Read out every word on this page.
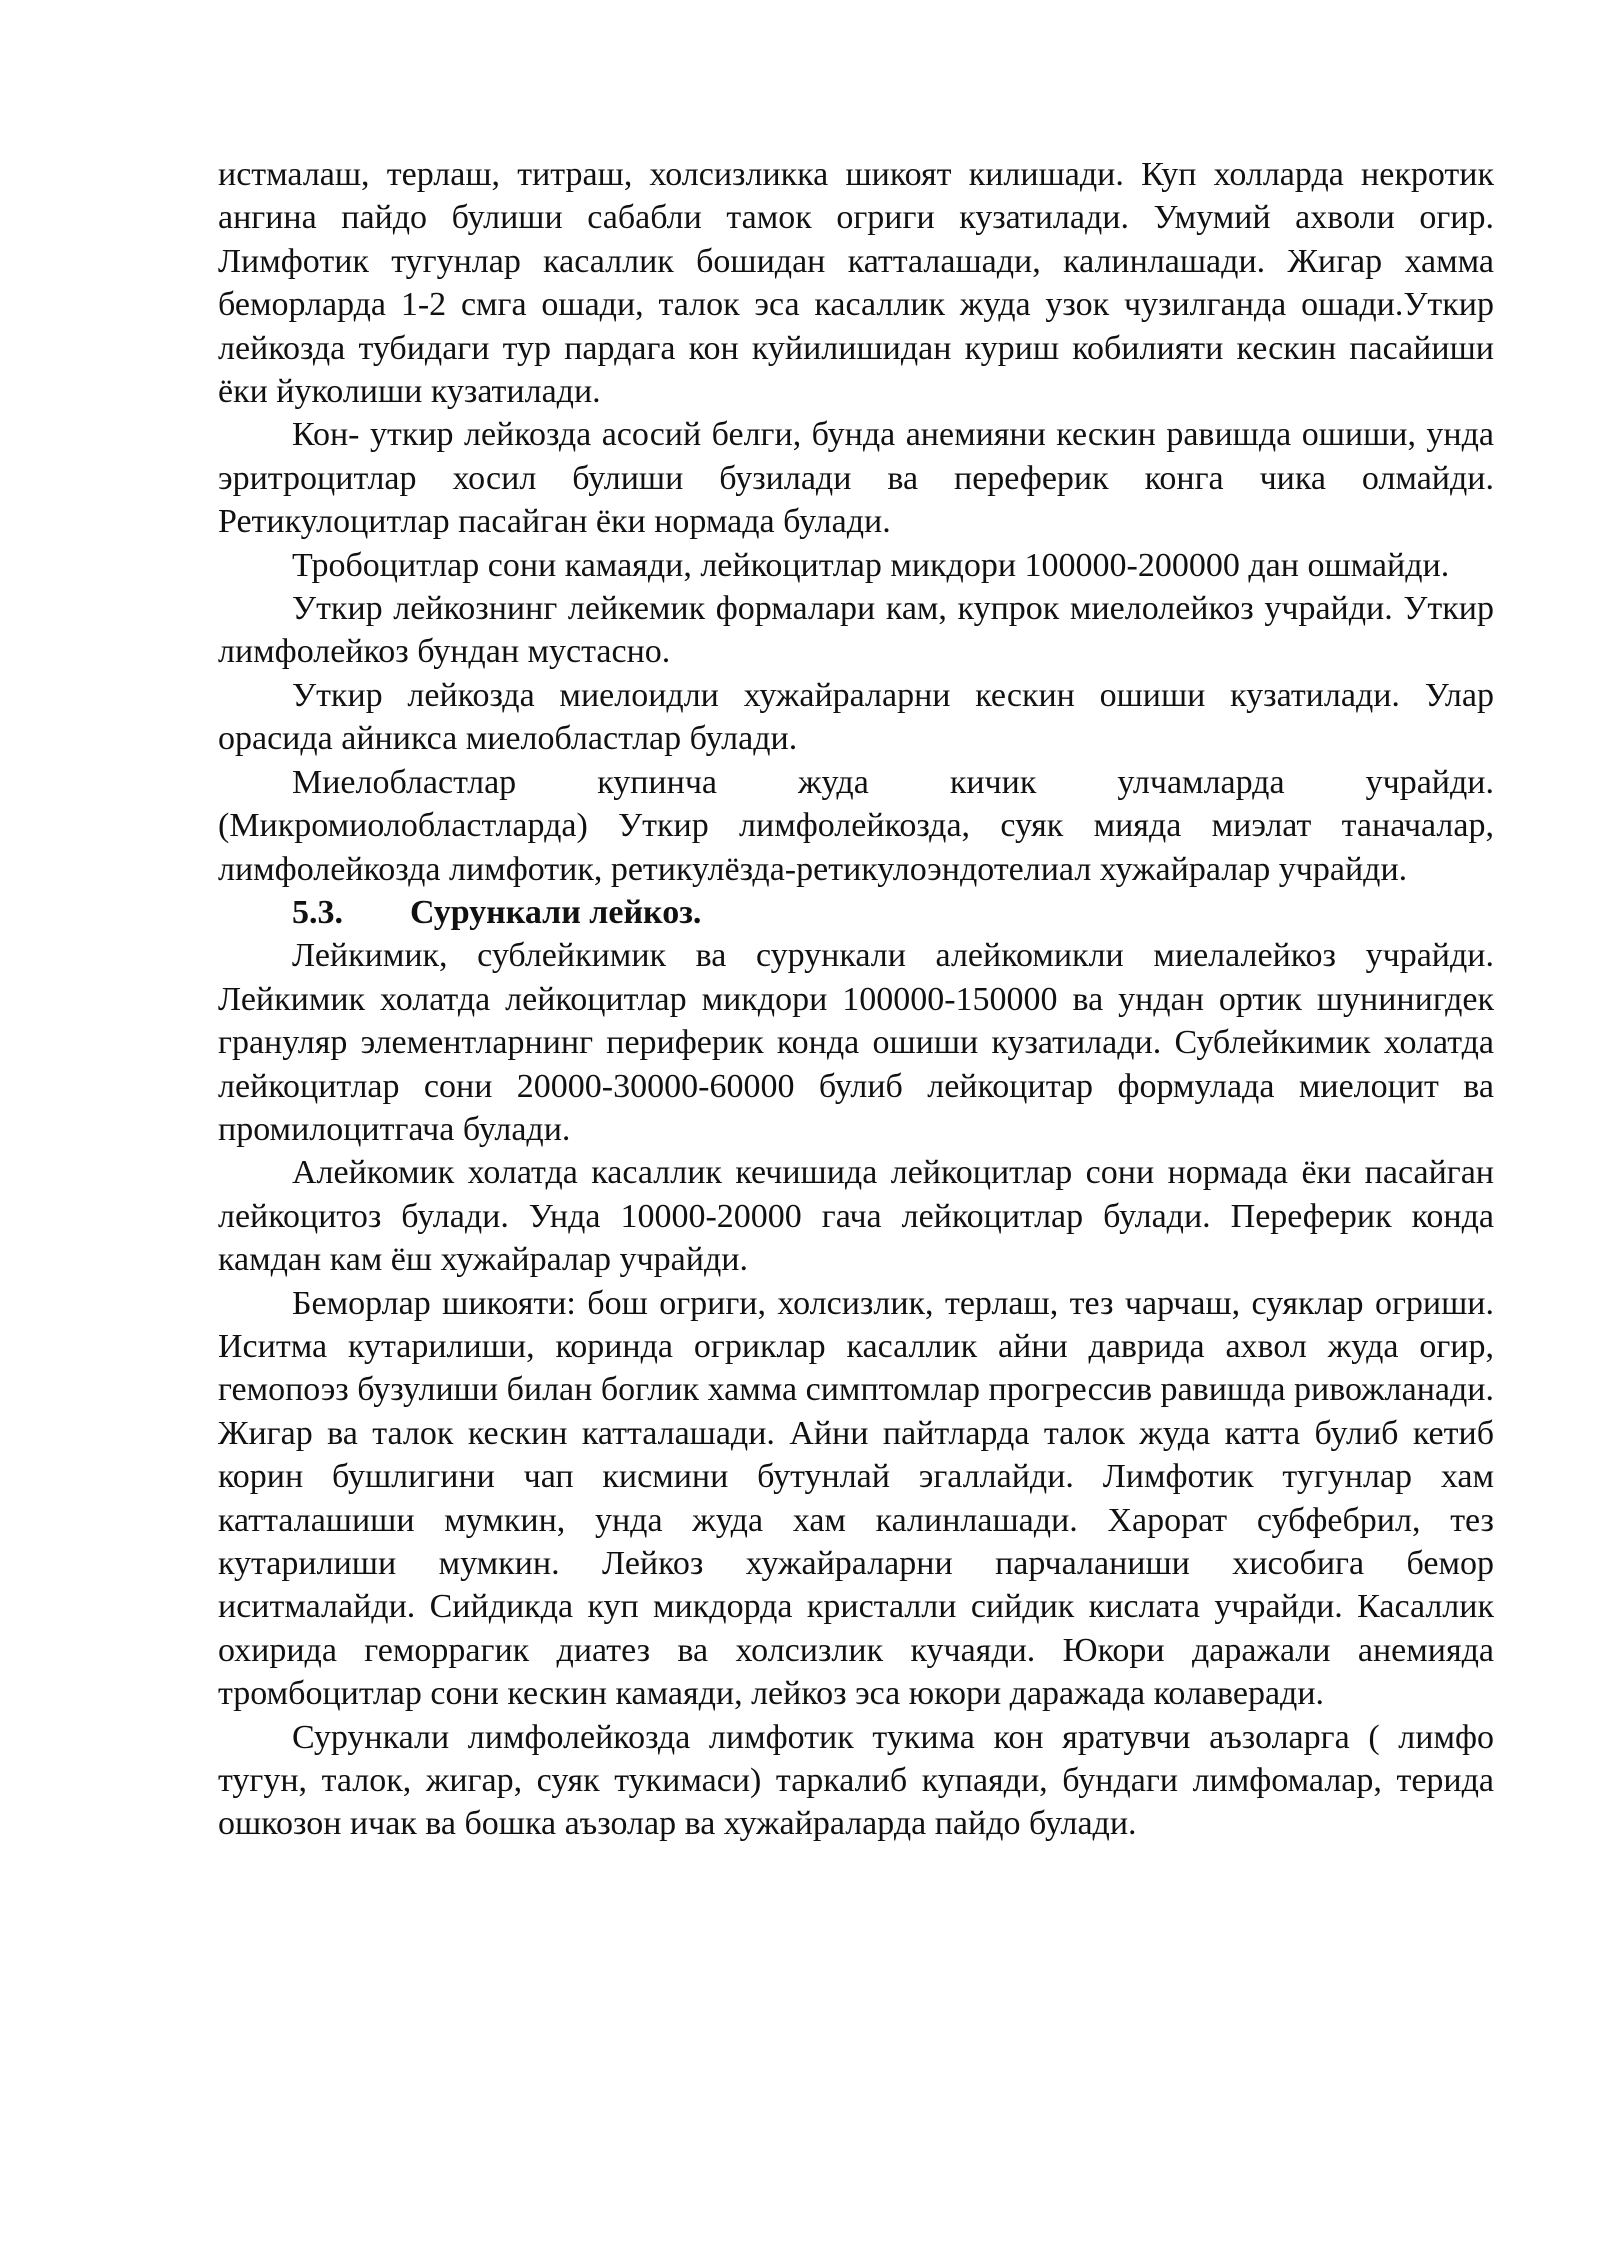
истмалаш, терлаш, титраш, холсизликка шикоят килишади. Куп холларда некротик ангина пайдо булиши сабабли тамок огриги кузатилади. Умумий ахволи огир. Лимфотик тугунлар касаллик бошидан катталашади, калинлашади. Жигар хамма беморларда 1-2 смга ошади, талок эса касаллик жуда узок чузилганда ошади.Уткир лейкозда тубидаги тур пардага кон куйилишидан куриш кобилияти кескин пасайиши ёки йуколиши кузатилади.

Кон- уткир лейкозда асосий белги, бунда анемияни кескин равишда ошиши, унда эритроцитлар хосил булиши бузилади ва переферик конга чика олмайди. Ретикулоцитлар пасайган ёки нормада булади.

Тробоцитлар сони камаяди, лейкоцитлар микдори 100000-200000 дан ошмайди.

Уткир лейкознинг лейкемик формалари кам, купрок миелолейкоз учрайди. Уткир лимфолейкоз бундан мустасно.

Уткир лейкозда миелоидли хужайраларни кескин ошиши кузатилади. Улар орасида айникса миелобластлар булади.

Миелобластлар купинча жуда кичик улчамларда учрайди. (Микромиолобластларда) Уткир лимфолейкозда, суяк мияда миэлат таначалар, лимфолейкозда лимфотик, ретикулёзда-ретикулоэндотелиал хужайралар учрайди.

5.3. Сурункали лейкоз.

Лейкимик, сублейкимик ва сурункали алейкомикли миелалейкоз учрайди. Лейкимик холатда лейкоцитлар микдори 100000-150000 ва ундан ортик шунинигдек грануляр элементларнинг периферик конда ошиши кузатилади. Сублейкимик холатда лейкоцитлар сони 20000-30000-60000 булиб лейкоцитар формулада миелоцит ва промилоцитгача булади.

Алейкомик холатда касаллик кечишида лейкоцитлар сони нормада ёки пасайган лейкоцитоз булади. Унда 10000-20000 гача лейкоцитлар булади. Переферик конда камдан кам ёш хужайралар учрайди.

Беморлар шикояти: бош огриги, холсизлик, терлаш, тез чарчаш, суяклар огриши. Иситма кутарилиши, коринда огриклар касаллик айни даврида ахвол жуда огир, гемопоэз бузулиши билан боглик хамма симптомлар прогрессив равишда ривожланади. Жигар ва талок кескин катталашади. Айни пайтларда талок жуда катта булиб кетиб корин бушлигини чап кисмини бутунлай эгаллайди. Лимфотик тугунлар хам катталашиши мумкин, унда жуда хам калинлашади. Харорат субфебрил, тез кутарилиши мумкин. Лейкоз хужайраларни парчаланиши хисобига бемор иситмалайди. Сийдикда куп микдорда кристалли сийдик кислата учрайди. Касаллик охирида геморрагик диатез ва холсизлик кучаяди. Юкори даражали анемияда тромбоцитлар сони кескин камаяди, лейкоз эса юкори даражада колаверади.

Сурункали лимфолейкозда лимфотик тукима кон яратувчи аъзоларга ( лимфо тугун, талок, жигар, суяк тукимаси) таркалиб купаяди, бундаги лимфомалар, терида ошкозон ичак ва бошка аъзолар ва хужайраларда пайдо булади.
